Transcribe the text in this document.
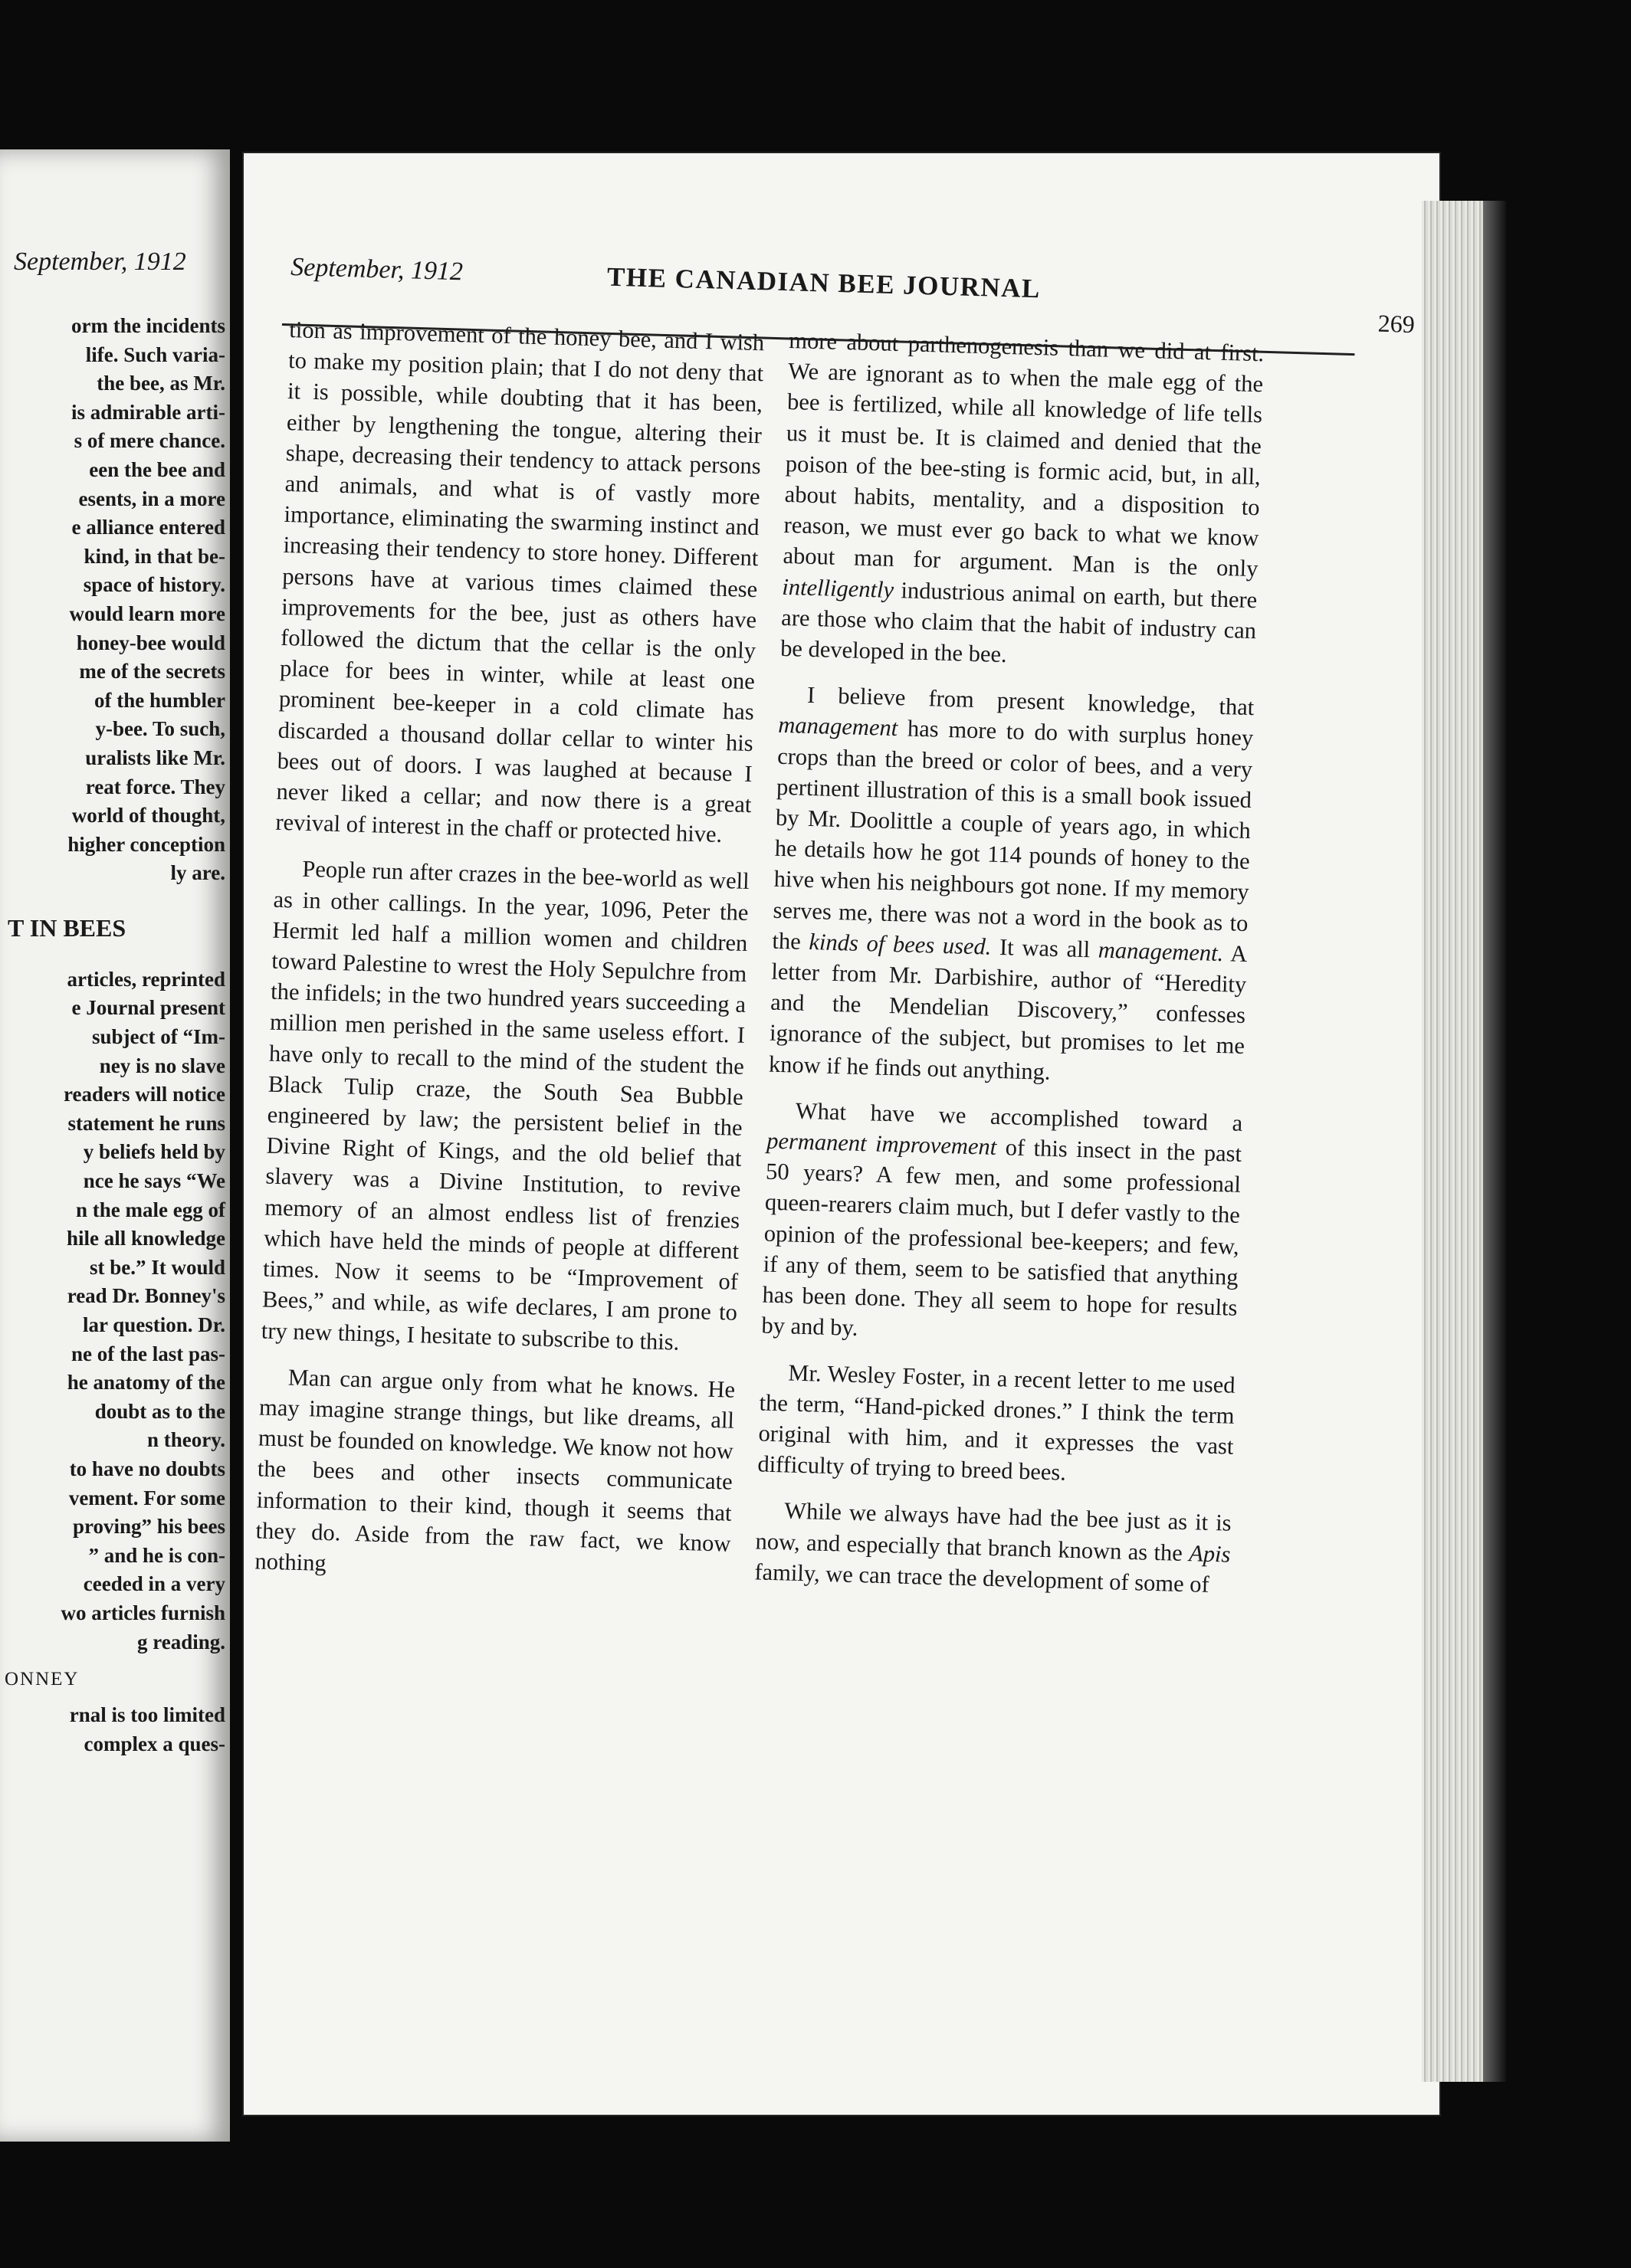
September, 1912
orm the incidents
life. Such varia-
the bee, as Mr.
is admirable arti-
s of mere chance.
een the bee and
esents, in a more
e alliance entered
kind, in that be-
space of history.
would learn more
honey-bee would
me of the secrets
of the humbler
y-bee. To such,
uralists like Mr.
reat force. They
world of thought,
higher conception
ly are.
T IN BEES
articles, reprinted
e Journal present
subject of “Im-
ney is no slave
readers will notice
statement he runs
y beliefs held by
nce he says “We
n the male egg of
hile all knowledge
st be.” It would
read Dr. Bonney's
lar question. Dr.
ne of the last pas-
he anatomy of the
doubt as to the
n theory.
to have no doubts
vement. For some
proving” his bees
” and he is con-
ceeded in a very
wo articles furnish
g reading.
ONNEY
rnal is too limited
complex a ques-
September, 1912	THE CANADIAN BEE JOURNAL
269

tion as improvement of the honey bee, and I wish to make my position plain; that I do not deny that it is possible, while doubting that it has been, either by lengthening the tongue, altering their shape, decreasing their tendency to attack persons and animals, and what is of vastly more importance, eliminating the swarming instinct and increasing their tendency to store honey. Different persons have at various times claimed these improvements for the bee, just as others have followed the dictum that the cellar is the only place for bees in winter, while at least one prominent bee-keeper in a cold climate has discarded a thousand dollar cellar to winter his bees out of doors. I was laughed at because I never liked a cellar; and now there is a great revival of interest in the chaff or protected hive.

People run after crazes in the bee-world as well as in other callings. In the year, 1096, Peter the Hermit led half a million women and children toward Palestine to wrest the Holy Sepulchre from the infidels; in the two hundred years succeeding a million men perished in the same useless effort. I have only to recall to the mind of the student the Black Tulip craze, the South Sea Bubble engineered by law; the persistent belief in the Divine Right of Kings, and the old belief that slavery was a Divine Institution, to revive memory of an almost endless list of frenzies which have held the minds of people at different times. Now it seems to be “Improvement of Bees,” and while, as wife declares, I am prone to try new things, I hesitate to subscribe to this.

Man can argue only from what he knows. He may imagine strange things, but like dreams, all must be founded on knowledge. We know not how the bees and other insects communicate information to their kind, though it seems that they do. Aside from the raw fact, we know nothing

more about parthenogenesis than we did at first. We are ignorant as to when the male egg of the bee is fertilized, while all knowledge of life tells us it must be. It is claimed and denied that the poison of the bee-sting is formic acid, but, in all, about habits, mentality, and a disposition to reason, we must ever go back to what we know about man for argument. Man is the only intelligently industrious animal on earth, but there are those who claim that the habit of industry can be developed in the bee.

I believe from present knowledge, that management has more to do with surplus honey crops than the breed or color of bees, and a very pertinent illustration of this is a small book issued by Mr. Doolittle a couple of years ago, in which he details how he got 114 pounds of honey to the hive when his neighbours got none. If my memory serves me, there was not a word in the book as to the kinds of bees used. It was all management. A letter from Mr. Darbishire, author of “Heredity and the Mendelian Discovery,” confesses ignorance of the subject, but promises to let me know if he finds out anything.

What have we accomplished toward a permanent improvement of this insect in the past 50 years? A few men, and some professional queen-rearers claim much, but I defer vastly to the opinion of the professional bee-keepers; and few, if any of them, seem to be satisfied that anything has been done. They all seem to hope for results by and by.

Mr. Wesley Foster, in a recent letter to me used the term, “Hand-picked drones.” I think the term original with him, and it expresses the vast difficulty of trying to breed bees.

While we always have had the bee just as it is now, and especially that branch known as the Apis family, we can trace the development of some of
